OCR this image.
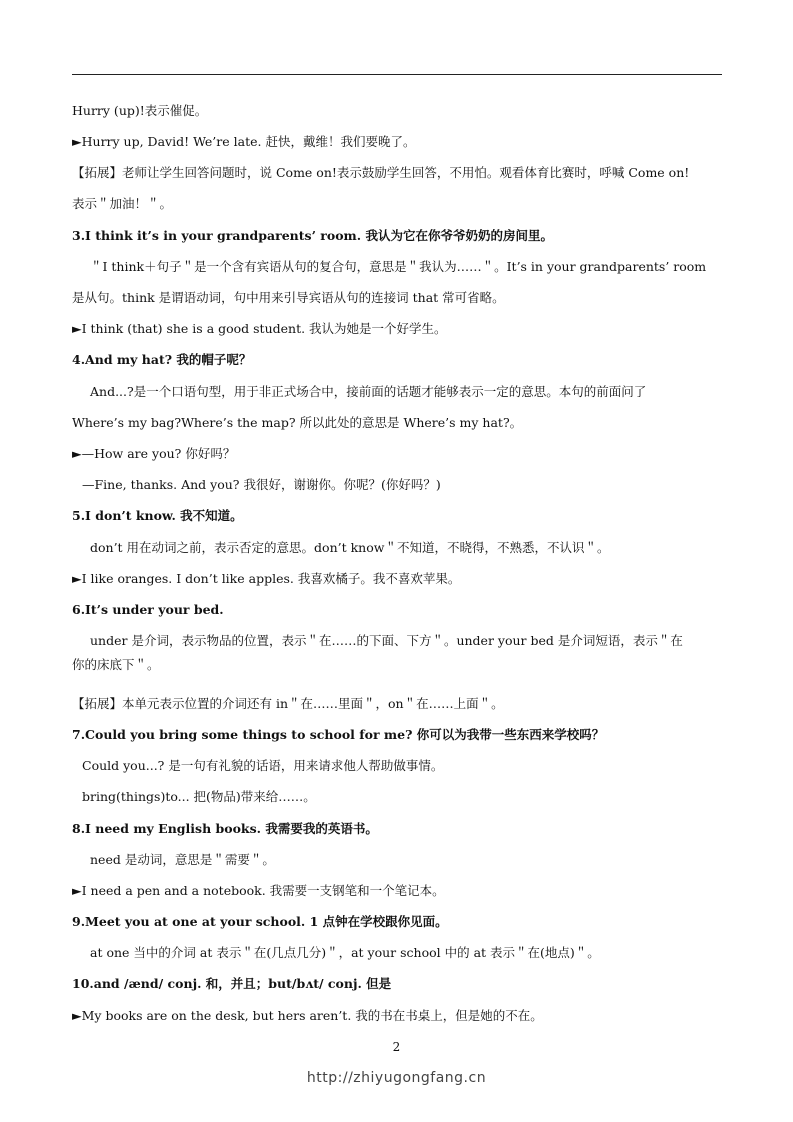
Hurry (up)!表示催促。
►Hurry up, David! We’re late. 赶快，戴维！我们要晚了。
【拓展】老师让学生回答问题时，说 Come on!表示鼓励学生回答，不用怕。观看体育比赛时，呼喊 Come on!
表示＂加油！＂。
3.I think it’s in your grandparents’ room. 我认为它在你爷爷奶奶的房间里。
＂I think＋句子＂是一个含有宾语从句的复合句，意思是＂我认为……＂。It’s in your grandparents’ room
是从句。think 是谓语动词，句中用来引导宾语从句的连接词 that 常可省略。
►I think (that) she is a good student. 我认为她是一个好学生。
4.And my hat? 我的帽子呢？
And...?是一个口语句型，用于非正式场合中，接前面的话题才能够表示一定的意思。本句的前面问了
Where’s my bag?Where’s the map? 所以此处的意思是 Where’s my hat?。
►—How are you? 你好吗？
—Fine, thanks. And you? 我很好，谢谢你。你呢？(你好吗？)
5.I don’t know. 我不知道。
don’t 用在动词之前，表示否定的意思。don’t know＂不知道，不晓得，不熟悉，不认识＂。
►I like oranges. I don’t like apples. 我喜欢橘子。我不喜欢苹果。
6.It’s under your bed.
under 是介词，表示物品的位置，表示＂在……的下面、下方＂。under your bed 是介词短语，表示＂在
你的床底下＂。
【拓展】本单元表示位置的介词还有 in＂在……里面＂，on＂在……上面＂。
7.Could you bring some things to school for me? 你可以为我带一些东西来学校吗？
Could you...? 是一句有礼貌的话语，用来请求他人帮助做事情。
bring(things)to... 把(物品)带来给……。
8.I need my English books. 我需要我的英语书。
need 是动词，意思是＂需要＂。
►I need a pen and a notebook. 我需要一支钢笔和一个笔记本。
9.Meet you at one at your school. 1 点钟在学校跟你见面。
at one 当中的介词 at 表示＂在(几点几分)＂，at your school 中的 at 表示＂在(地点)＂。
10.and /ænd/ conj. 和，并且；but/bʌt/ conj. 但是
►My books are on the desk, but hers aren’t. 我的书在书桌上，但是她的不在。
2
http://zhiyugongfang.cn
